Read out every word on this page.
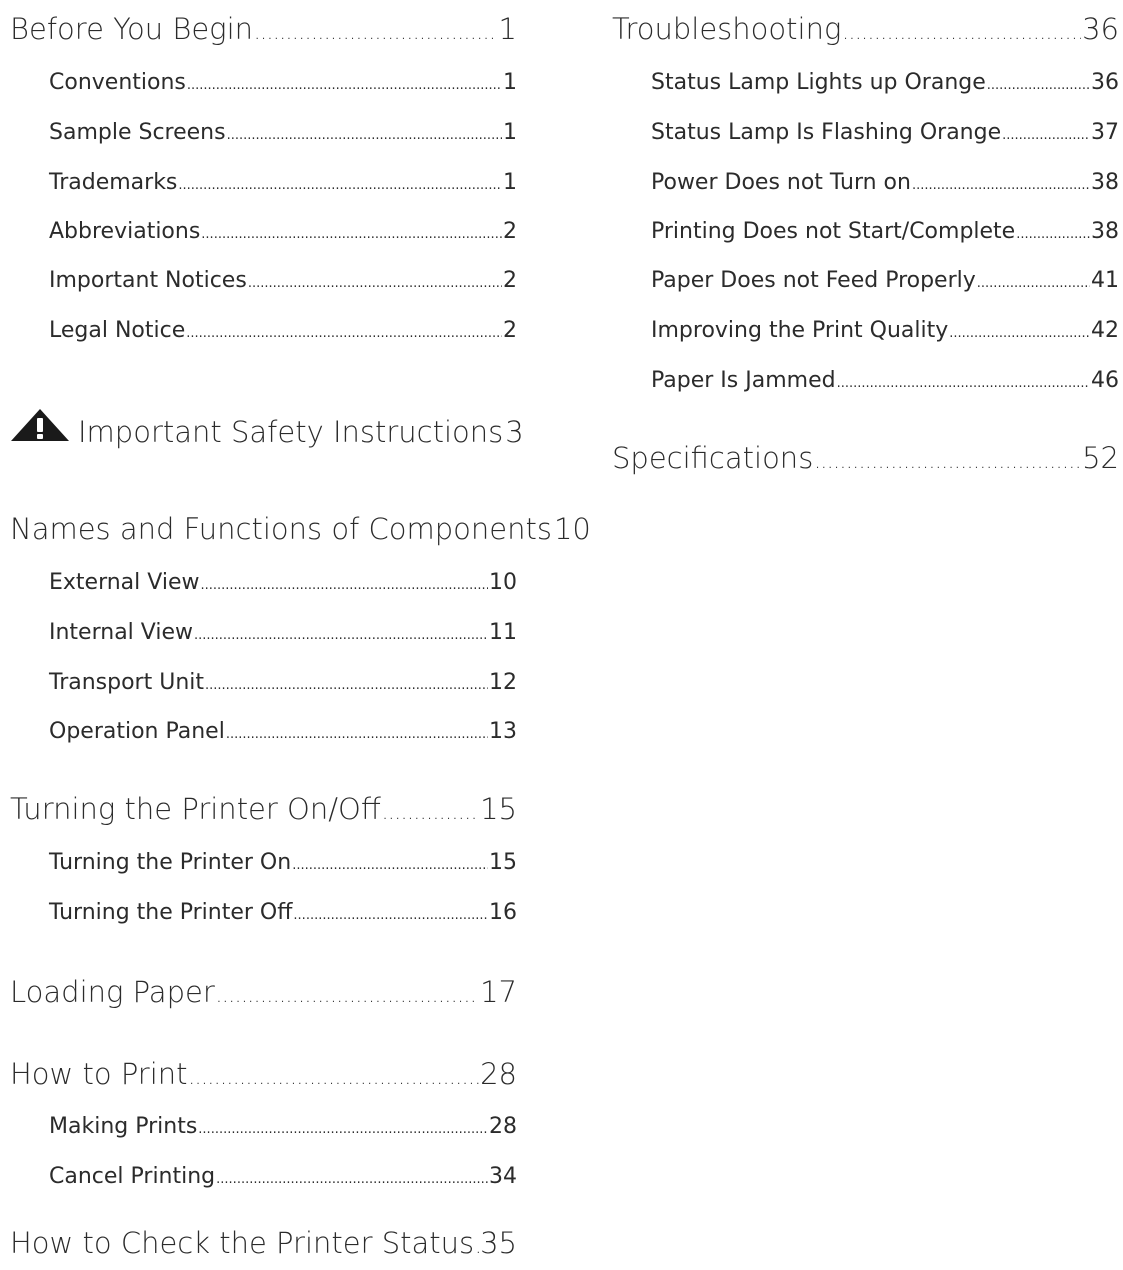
Before You Begin .....	1
Conventions .....	1
Sample Screens .....	1
Trademarks .....	1
Abbreviations .....	2
Important Notices .....	2
Legal Notice .....	2
Important Safety Instructions 3
Names and Functions of Components 10
External View .....	10
Internal View .....	11
Transport Unit .....	12
Operation Panel .....	13
Turning the Printer On/Off .....	15
Turning the Printer On .....	15
Turning the Printer Off .....	16
Loading Paper .....	17
How to Print .....	28
Making Prints .....	28
Cancel Printing .....	34
How to Check the Printer Status ..... 35
Troubleshooting .....	36
Status Lamp Lights up Orange .....	36
Status Lamp Is Flashing Orange .....	37
Power Does not Turn on .....	38
Printing Does not Start/Complete .....	38
Paper Does not Feed Properly .....	41
Improving the Print Quality .....	42
Paper Is Jammed .....	46
Specifications .....	52
